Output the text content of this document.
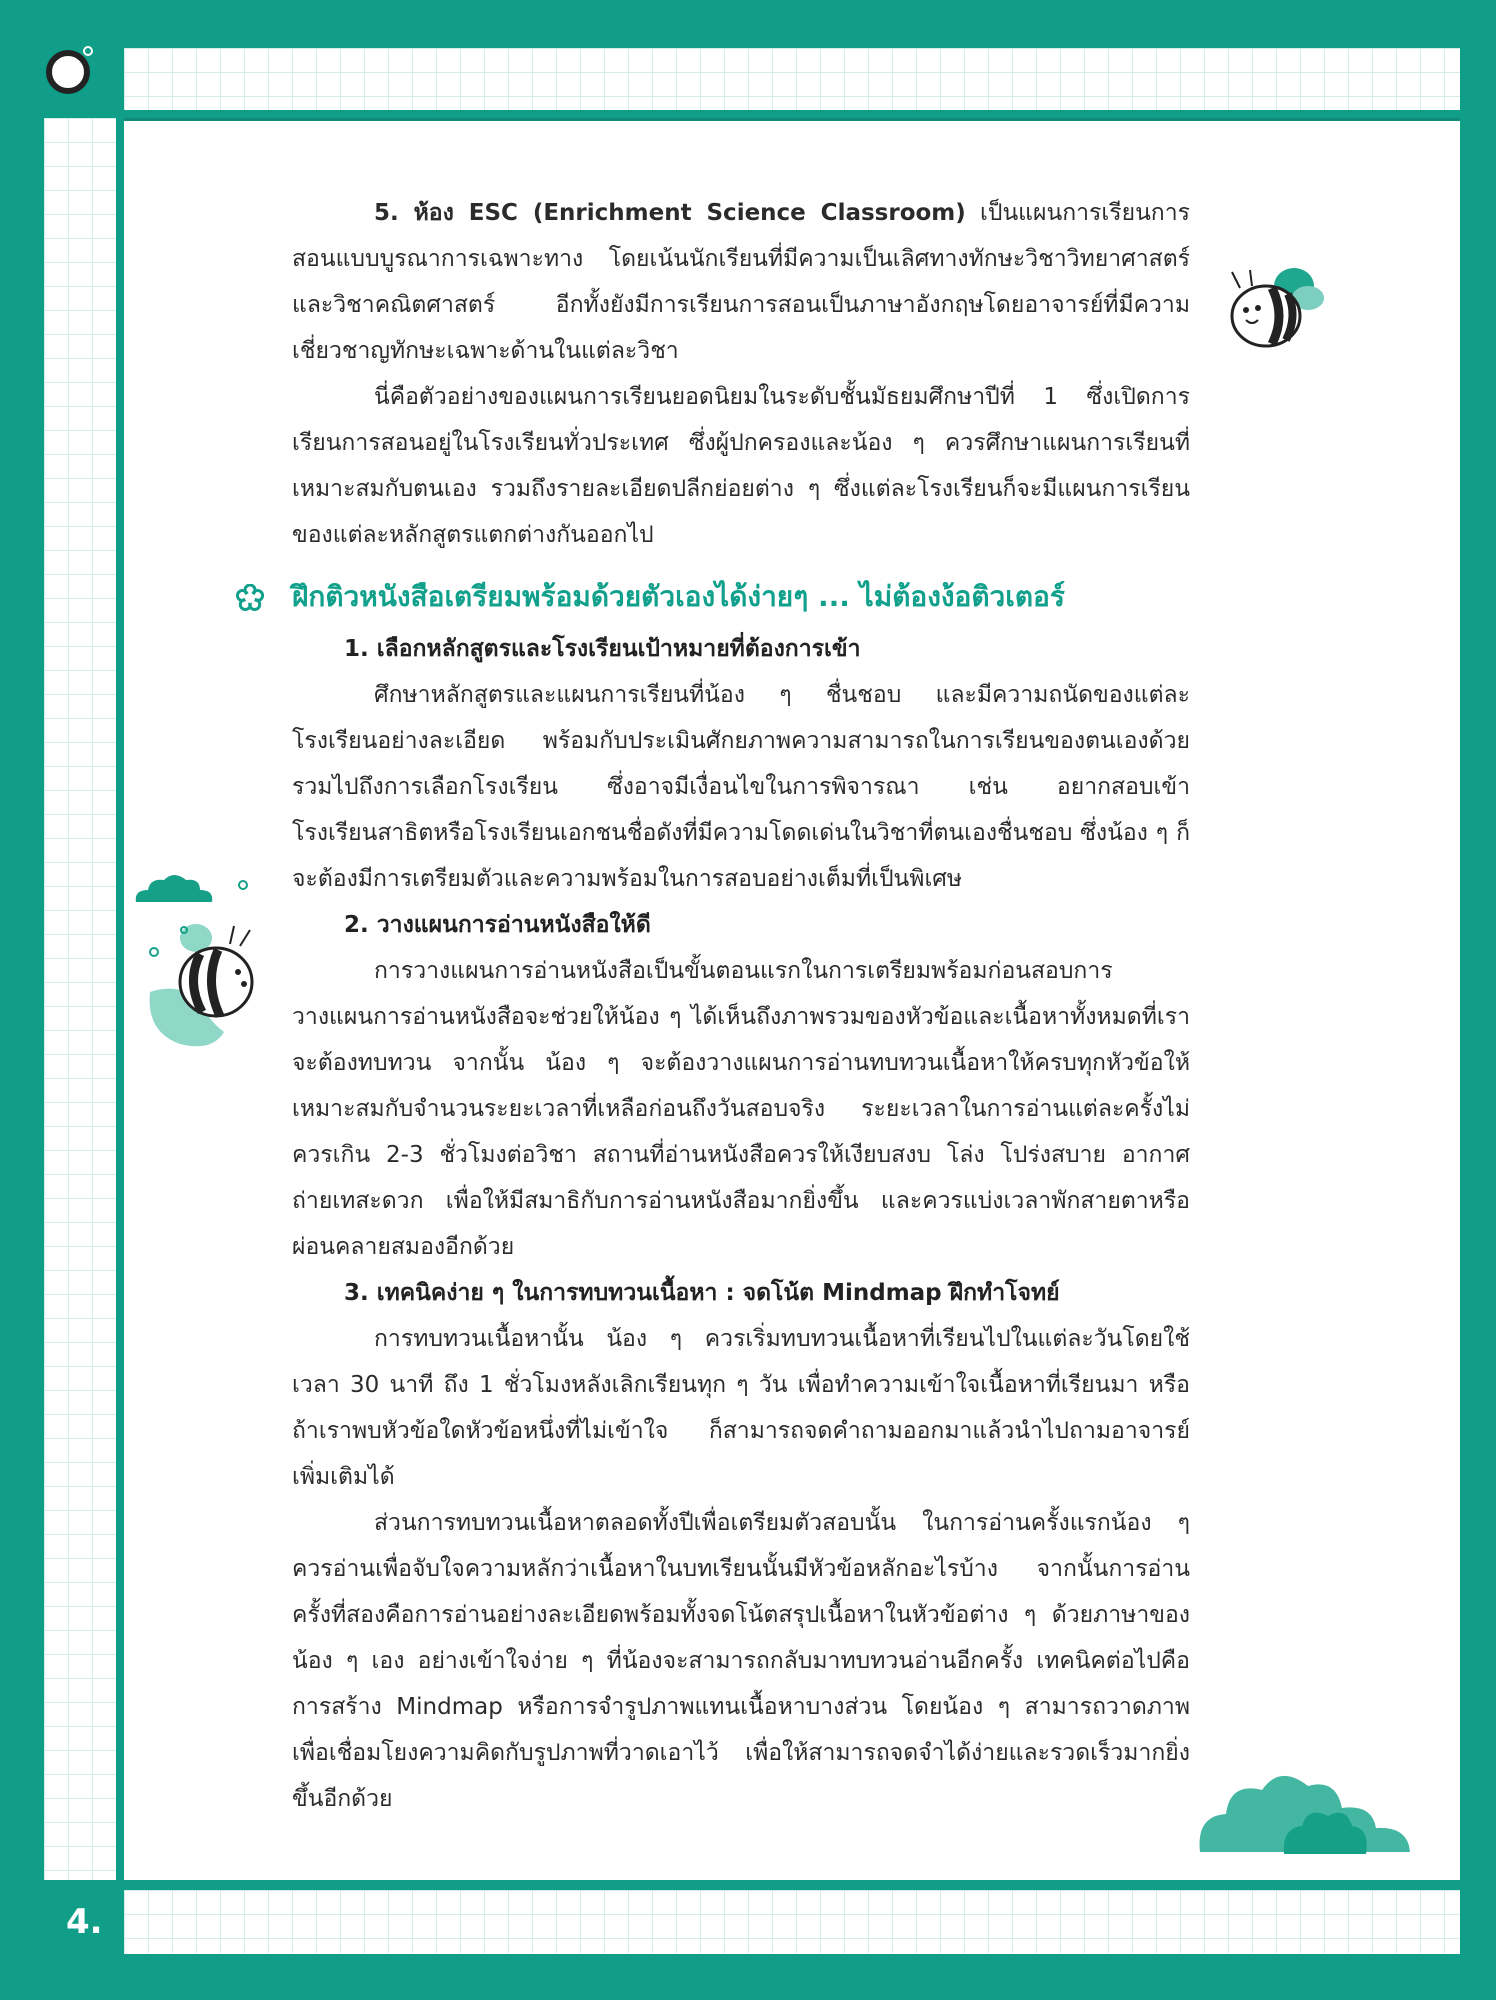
4.

5. ห้อง ESC (Enrichment Science Classroom) เป็นแผนการเรียนการสอนแบบบูรณาการเฉพาะทาง โดยเน้นนักเรียนที่มีความเป็นเลิศทางทักษะวิชาวิทยาศาสตร์และวิชาคณิตศาสตร์ อีกทั้งยังมีการเรียนการสอนเป็นภาษาอังกฤษโดยอาจารย์ที่มีความเชี่ยวชาญทักษะเฉพาะด้านในแต่ละวิชา

นี่คือตัวอย่างของแผนการเรียนยอดนิยมในระดับชั้นมัธยมศึกษาปีที่ 1 ซึ่งเปิดการเรียนการสอนอยู่ในโรงเรียนทั่วประเทศ ซึ่งผู้ปกครองและน้อง ๆ ควรศึกษาแผนการเรียนที่เหมาะสมกับตนเอง รวมถึงรายละเอียดปลีกย่อยต่าง ๆ ซึ่งแต่ละโรงเรียนก็จะมีแผนการเรียนของแต่ละหลักสูตรแตกต่างกันออกไป

ฝึกติวหนังสือเตรียมพร้อมด้วยตัวเองได้ง่ายๆ ... ไม่ต้องง้อติวเตอร์

1. เลือกหลักสูตรและโรงเรียนเป้าหมายที่ต้องการเข้า

ศึกษาหลักสูตรและแผนการเรียนที่น้อง ๆ ชื่นชอบ และมีความถนัดของแต่ละโรงเรียนอย่างละเอียด พร้อมกับประเมินศักยภาพความสามารถในการเรียนของตนเองด้วย รวมไปถึงการเลือกโรงเรียน ซึ่งอาจมีเงื่อนไขในการพิจารณา เช่น อยากสอบเข้าโรงเรียนสาธิตหรือโรงเรียนเอกชนชื่อดังที่มีความโดดเด่นในวิชาที่ตนเองชื่นชอบ ซึ่งน้อง ๆ ก็จะต้องมีการเตรียมตัวและความพร้อมในการสอบอย่างเต็มที่เป็นพิเศษ

2. วางแผนการอ่านหนังสือให้ดี

การวางแผนการอ่านหนังสือเป็นขั้นตอนแรกในการเตรียมพร้อมก่อนสอบการวางแผนการอ่านหนังสือจะช่วยให้น้อง ๆ ได้เห็นถึงภาพรวมของหัวข้อและเนื้อหาทั้งหมดที่เราจะต้องทบทวน จากนั้น น้อง ๆ จะต้องวางแผนการอ่านทบทวนเนื้อหาให้ครบทุกหัวข้อให้เหมาะสมกับจำนวนระยะเวลาที่เหลือก่อนถึงวันสอบจริง ระยะเวลาในการอ่านแต่ละครั้งไม่ควรเกิน 2-3 ชั่วโมงต่อวิชา สถานที่อ่านหนังสือควรให้เงียบสงบ โล่ง โปร่งสบาย อากาศถ่ายเทสะดวก เพื่อให้มีสมาธิกับการอ่านหนังสือมากยิ่งขึ้น และควรแบ่งเวลาพักสายตาหรือผ่อนคลายสมองอีกด้วย

3. เทคนิคง่าย ๆ ในการทบทวนเนื้อหา : จดโน้ต Mindmap ฝึกทำโจทย์

การทบทวนเนื้อหานั้น น้อง ๆ ควรเริ่มทบทวนเนื้อหาที่เรียนไปในแต่ละวันโดยใช้เวลา 30 นาที ถึง 1 ชั่วโมงหลังเลิกเรียนทุก ๆ วัน เพื่อทำความเข้าใจเนื้อหาที่เรียนมา หรือถ้าเราพบหัวข้อใดหัวข้อหนึ่งที่ไม่เข้าใจ ก็สามารถจดคำถามออกมาแล้วนำไปถามอาจารย์เพิ่มเติมได้

ส่วนการทบทวนเนื้อหาตลอดทั้งปีเพื่อเตรียมตัวสอบนั้น ในการอ่านครั้งแรกน้อง ๆ ควรอ่านเพื่อจับใจความหลักว่าเนื้อหาในบทเรียนนั้นมีหัวข้อหลักอะไรบ้าง จากนั้นการอ่านครั้งที่สองคือการอ่านอย่างละเอียดพร้อมทั้งจดโน้ตสรุปเนื้อหาในหัวข้อต่าง ๆ ด้วยภาษาของน้อง ๆ เอง อย่างเข้าใจง่าย ๆ ที่น้องจะสามารถกลับมาทบทวนอ่านอีกครั้ง เทคนิคต่อไปคือการสร้าง Mindmap หรือการจำรูปภาพแทนเนื้อหาบางส่วน โดยน้อง ๆ สามารถวาดภาพเพื่อเชื่อมโยงความคิดกับรูปภาพที่วาดเอาไว้ เพื่อให้สามารถจดจำได้ง่ายและรวดเร็วมากยิ่งขึ้นอีกด้วย
